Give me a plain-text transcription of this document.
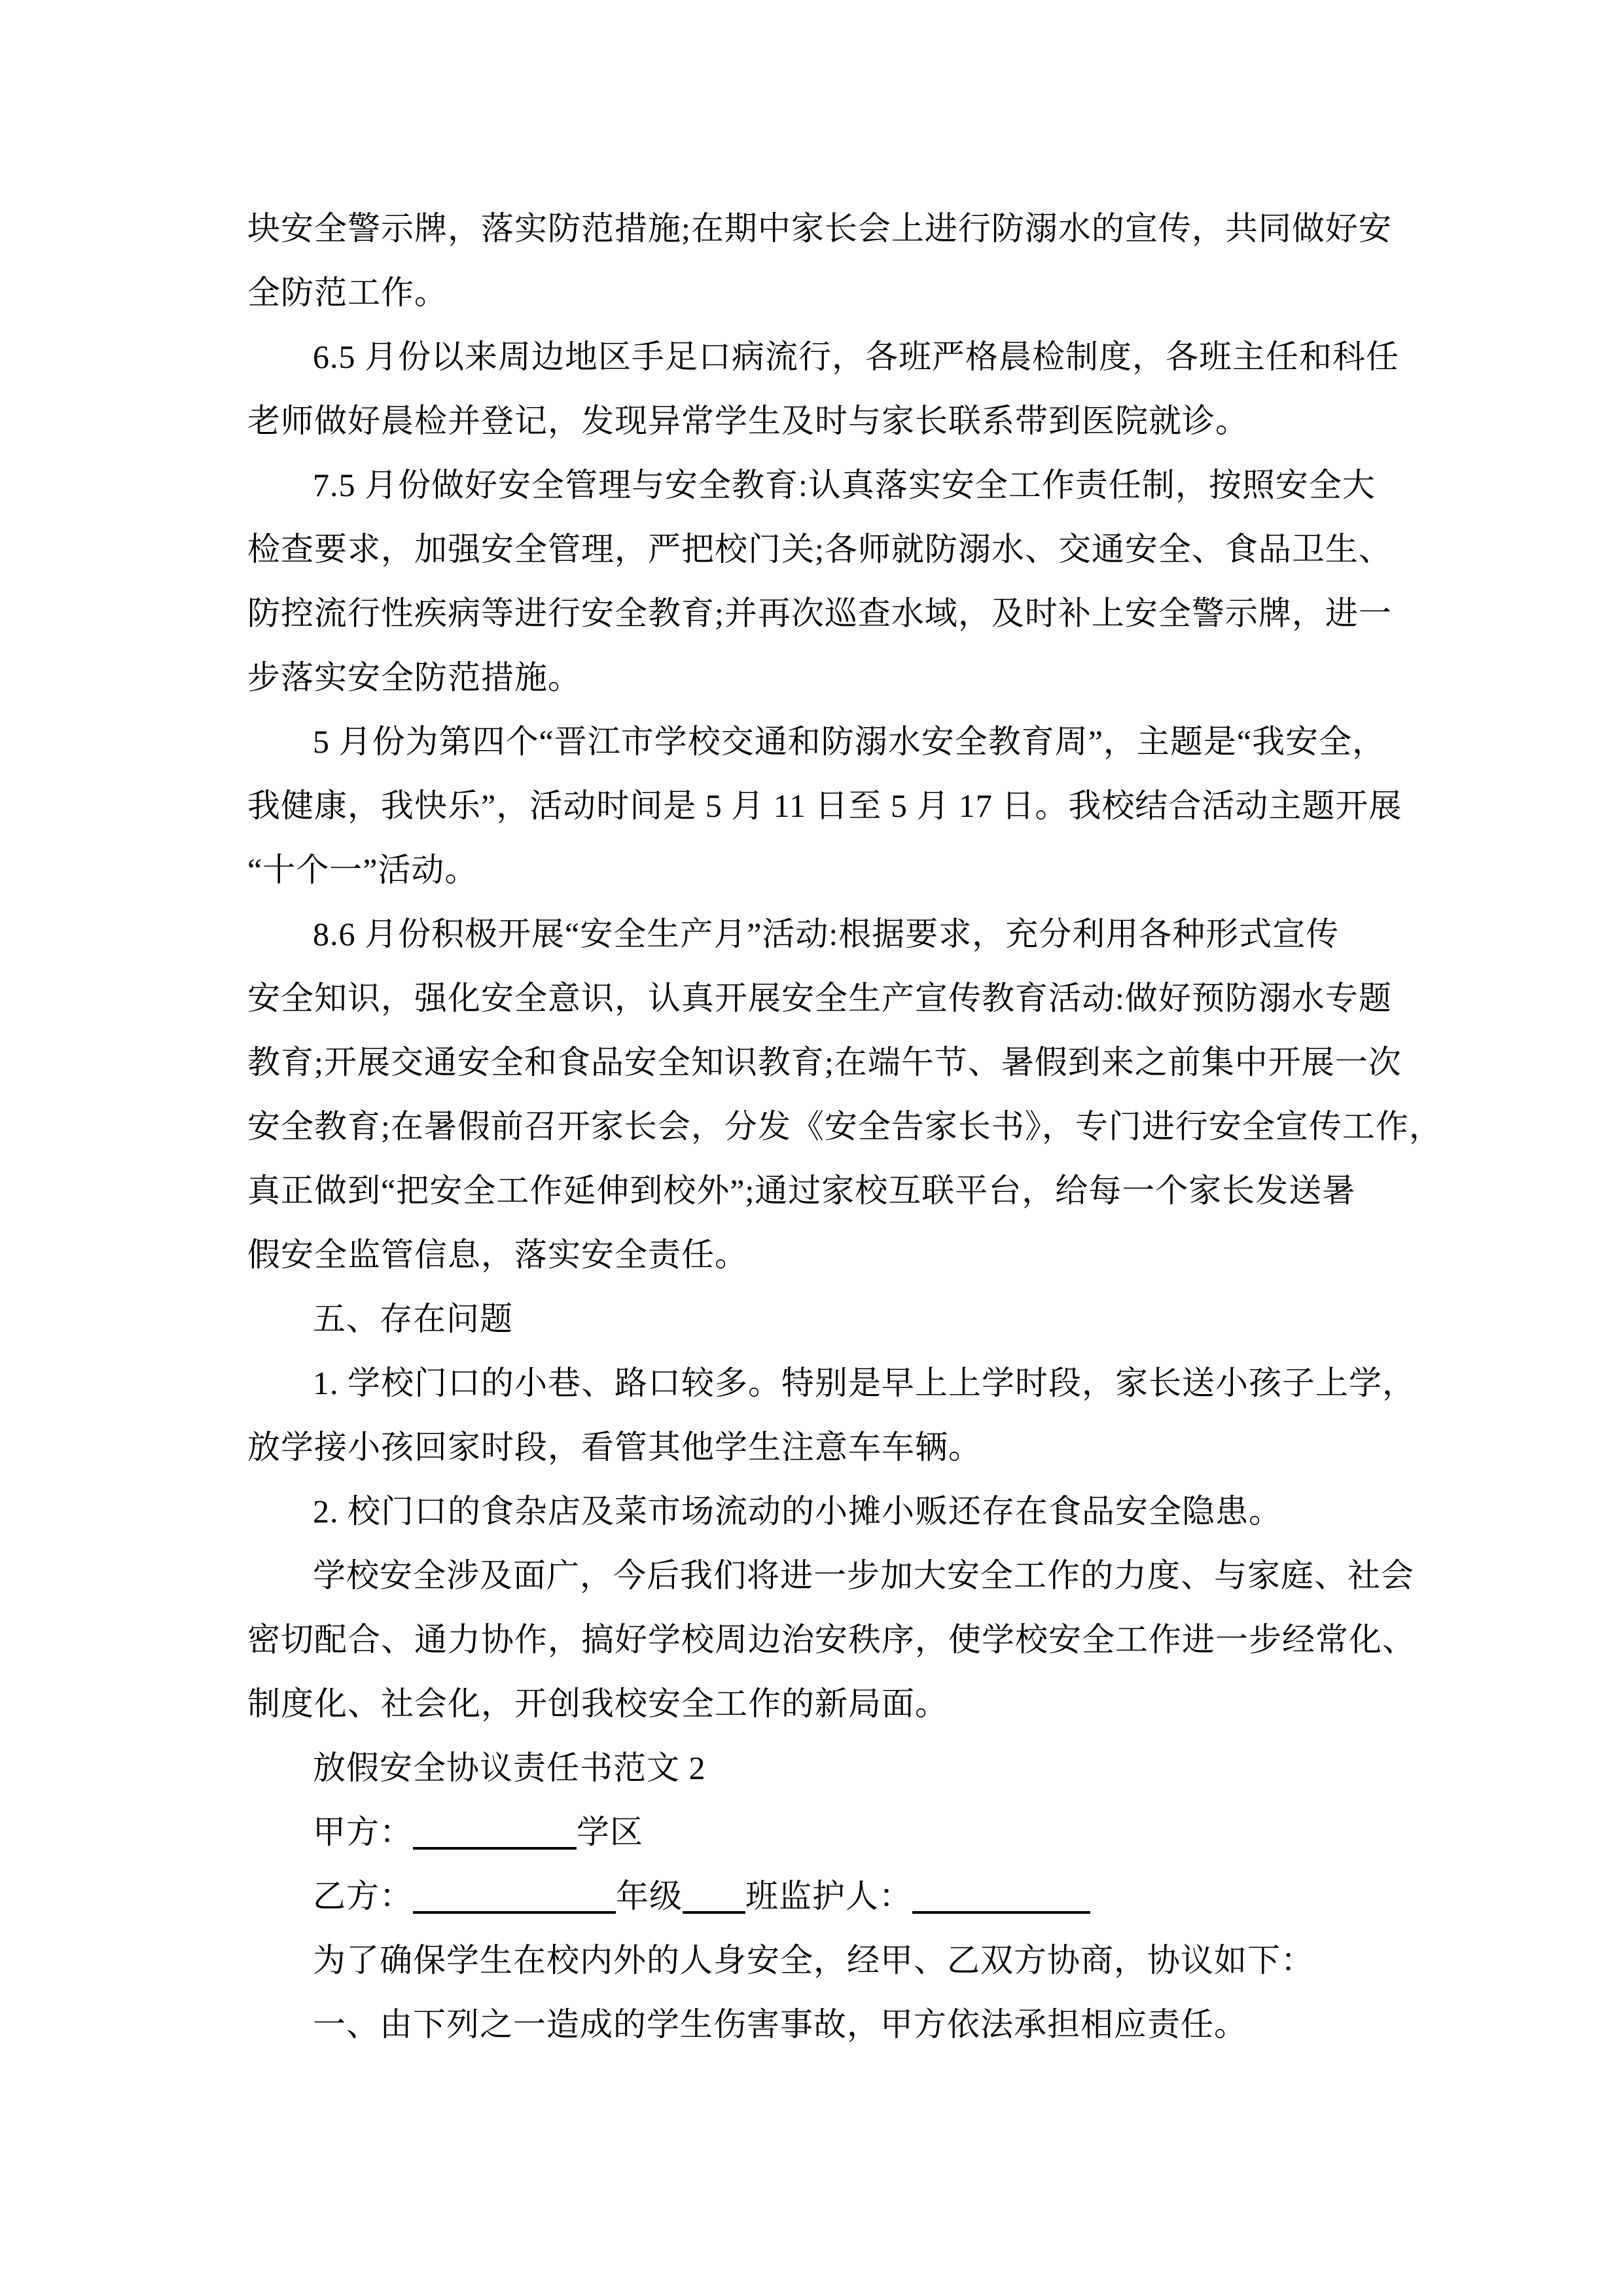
块安全警示牌，落实防范措施;在期中家长会上进行防溺水的宣传，共同做好安
全防范工作。
6.5 月份以来周边地区手足口病流行，各班严格晨检制度，各班主任和科任
老师做好晨检并登记，发现异常学生及时与家长联系带到医院就诊。
7.5 月份做好安全管理与安全教育:认真落实安全工作责任制，按照安全大
检查要求，加强安全管理，严把校门关;各师就防溺水、交通安全、食品卫生、
防控流行性疾病等进行安全教育;并再次巡查水域，及时补上安全警示牌，进一
步落实安全防范措施。
5 月份为第四个“晋江市学校交通和防溺水安全教育周”，主题是“我安全，
我健康，我快乐”，活动时间是 5 月 11 日至 5 月 17 日。我校结合活动主题开展
“十个一”活动。
8.6 月份积极开展“安全生产月”活动:根据要求，充分利用各种形式宣传
安全知识，强化安全意识，认真开展安全生产宣传教育活动:做好预防溺水专题
教育;开展交通安全和食品安全知识教育;在端午节、暑假到来之前集中开展一次
安全教育;在暑假前召开家长会，分发《安全告家长书》，专门进行安全宣传工作，
真正做到“把安全工作延伸到校外”;通过家校互联平台，给每一个家长发送暑
假安全监管信息，落实安全责任。
五、存在问题
1. 学校门口的小巷、路口较多。特别是早上上学时段，家长送小孩子上学，
放学接小孩回家时段，看管其他学生注意车车辆。
2. 校门口的食杂店及菜市场流动的小摊小贩还存在食品安全隐患。
学校安全涉及面广，今后我们将进一步加大安全工作的力度、与家庭、社会
密切配合、通力协作，搞好学校周边治安秩序，使学校安全工作进一步经常化、
制度化、社会化，开创我校安全工作的新局面。
放假安全协议责任书范文 2
甲方：	学区
乙方：	年级 班监护人：
为了确保学生在校内外的人身安全，经甲、乙双方协商，协议如下：
一、由下列之一造成的学生伤害事故，甲方依法承担相应责任。
